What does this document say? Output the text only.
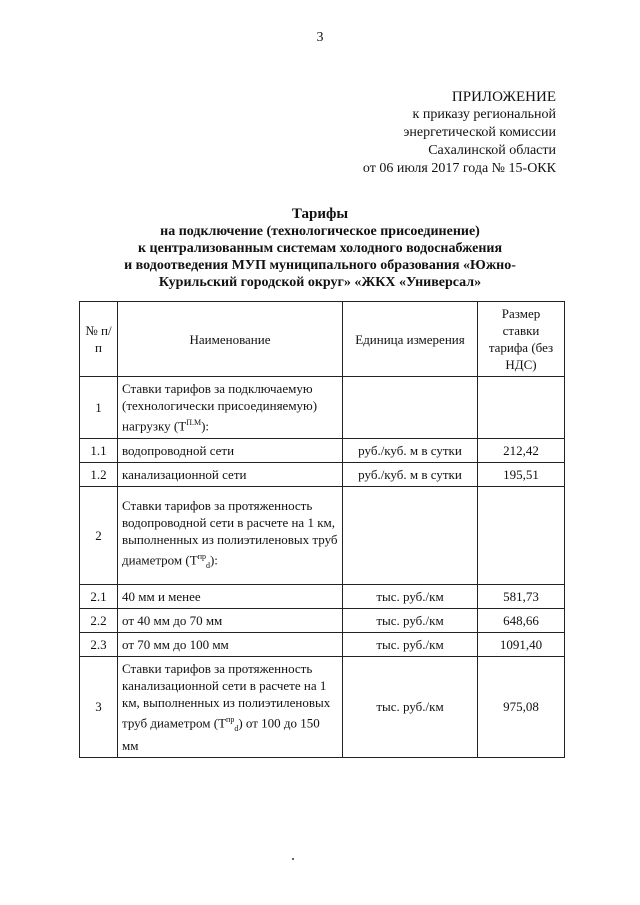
3
ПРИЛОЖЕНИЕ
к приказу региональной
энергетической комиссии
Сахалинской области
от 06 июля 2017 года № 15-ОКК
Тарифы
на подключение (технологическое присоединение)
к централизованным системам холодного водоснабжения
и водоотведения МУП муниципального образования «Южно-
Курильский городской округ» «ЖКХ «Универсал»
№ п/п	Наименование	Единица измерения	Размер ставки тарифа (без НДС)
1	Ставки тарифов за подключаемую (технологически присоединяемую) нагрузку $(Т^{П.М})$:		
1.1	водопроводной сети	руб./куб. м в сутки	212,42
1.2	канализационной сети	руб./куб. м в сутки	195,51
2	Ставки тарифов за протяженность водопроводной сети в расчете на 1 км, выполненных из полиэтиленовых труб диаметром $(Т^{пр}_d)$:		
2.1	40 мм и менее	тыс. руб./км	581,73
2.2	от 40 мм до 70 мм	тыс. руб./км	648,66
2.3	от 70 мм до 100 мм	тыс. руб./км	1091,40
3	Ставки тарифов за протяженность канализационной сети в расчете на 1 км, выполненных из полиэтиленовых труб диаметром $(Т^{пр}_d)$ от 100 до 150 мм	тыс. руб./км	975,08
